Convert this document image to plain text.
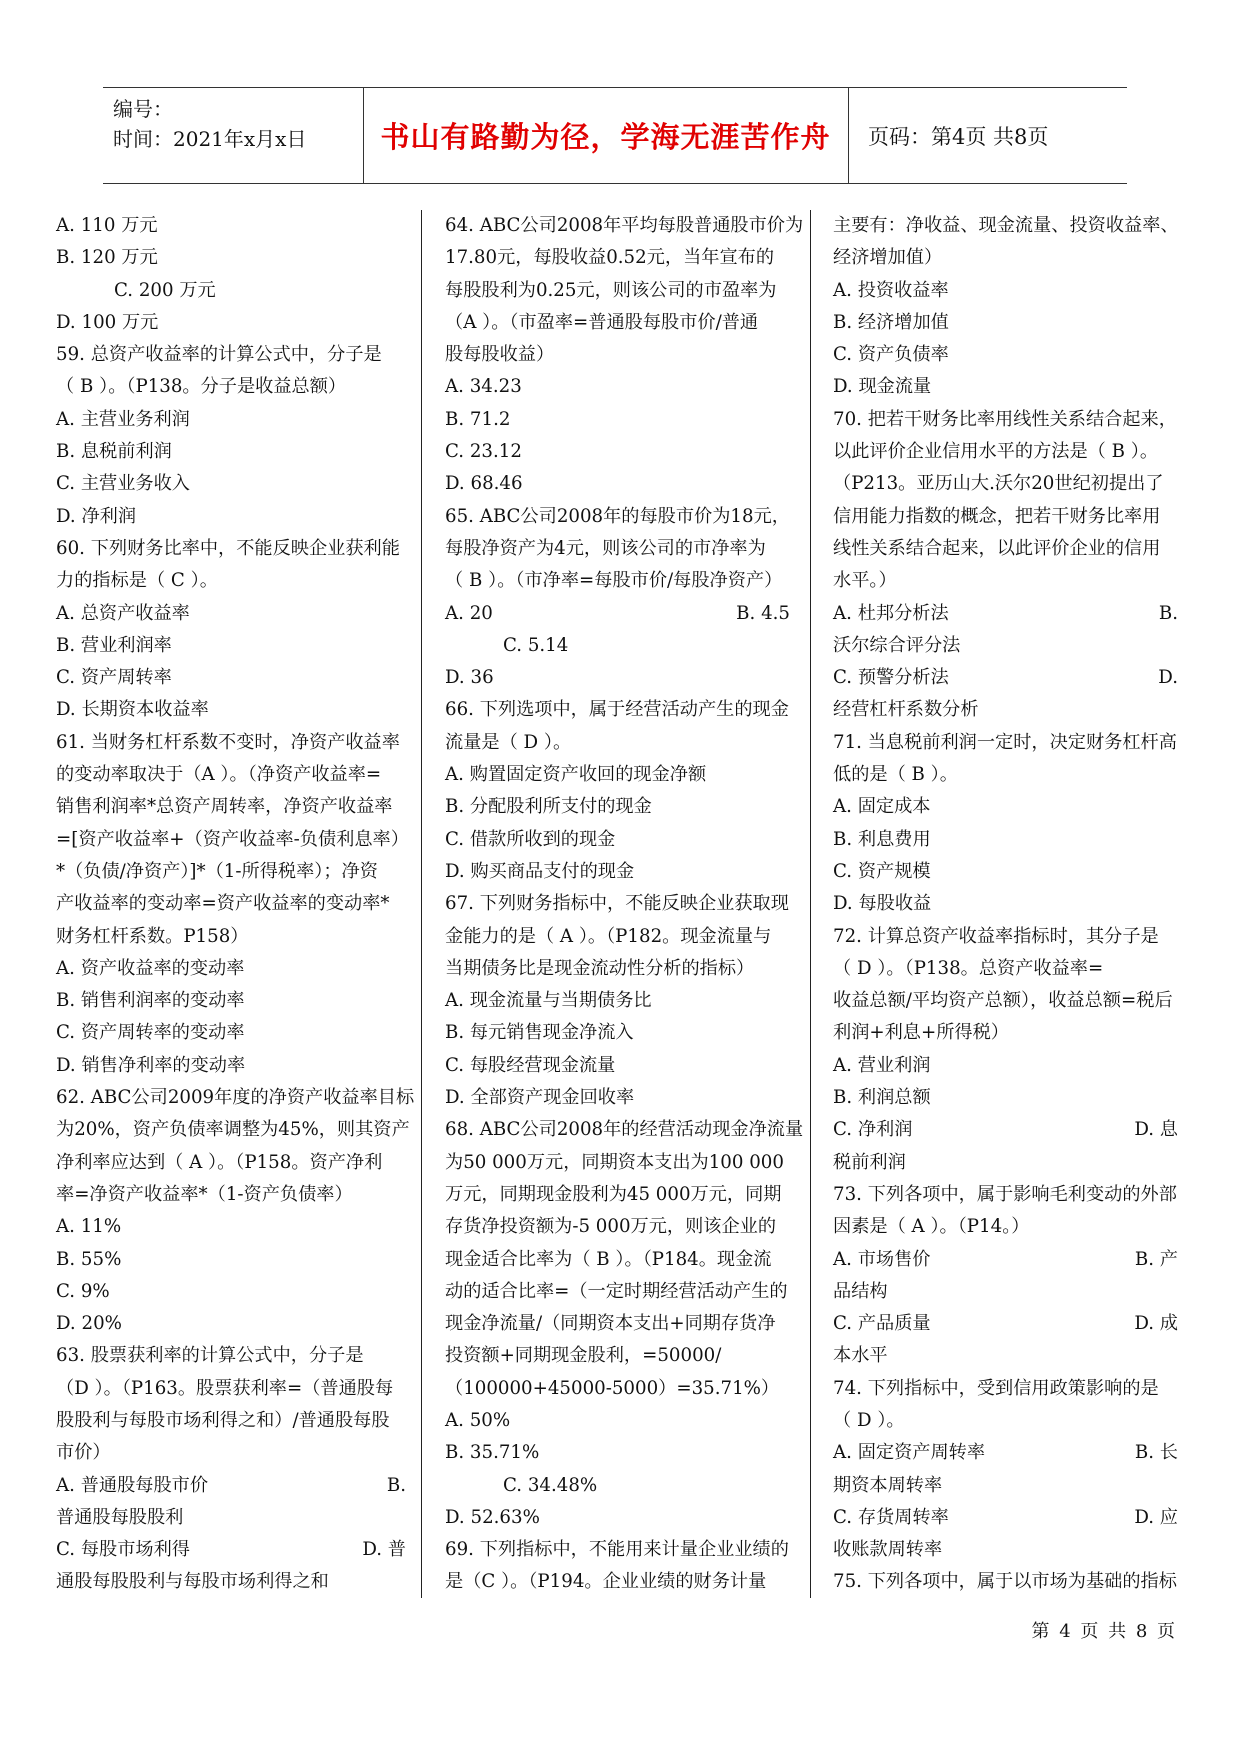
编号：
时间：2021年x月x日	书山有路勤为径，学海无涯苦作舟	页码：第4页 共8页

A. 110 万元

B. 120 万元

C. 200 万元

D. 100 万元

59. 总资产收益率的计算公式中，分子是

（ B ）。（P138。分子是收益总额）

A. 主营业务利润

B. 息税前利润

C. 主营业务收入

D. 净利润

60. 下列财务比率中，不能反映企业获利能

力的指标是（ C ）。

A. 总资产收益率

B. 营业利润率

C. 资产周转率

D. 长期资本收益率

61. 当财务杠杆系数不变时，净资产收益率

的变动率取决于（A ）。（净资产收益率=

销售利润率*总资产周转率，净资产收益率

=[资产收益率+（资产收益率-负债利息率）

*（负债/净资产）]*（1-所得税率）；净资

产收益率的变动率=资产收益率的变动率*

财务杠杆系数。P158）

A. 资产收益率的变动率

B. 销售利润率的变动率

C. 资产周转率的变动率

D. 销售净利率的变动率

62. ABC公司2009年度的净资产收益率目标

为20%，资产负债率调整为45%，则其资产

净利率应达到（ A ）。（P158。资产净利

率=净资产收益率*（1-资产负债率）

A. 11%

B. 55%

C. 9%

D. 20%

63. 股票获利率的计算公式中，分子是

（D ）。（P163。股票获利率=（普通股每

股股利与每股市场利得之和）/普通股每股

市价）

A. 普通股每股市价	B.

普通股每股股利

C. 每股市场利得	D. 普

通股每股股利与每股市场利得之和

64. ABC公司2008年平均每股普通股市价为

17.80元，每股收益0.52元，当年宣布的

每股股利为0.25元，则该公司的市盈率为

（A ）。（市盈率=普通股每股市价/普通

股每股收益）

A. 34.23

B. 71.2

C. 23.12

D. 68.46

65. ABC公司2008年的每股市价为18元，

每股净资产为4元，则该公司的市净率为

（ B ）。（市净率=每股市价/每股净资产）

A. 20	B. 4.5

C. 5.14

D. 36

66. 下列选项中，属于经营活动产生的现金

流量是（ D ）。

A. 购置固定资产收回的现金净额

B. 分配股利所支付的现金

C. 借款所收到的现金

D. 购买商品支付的现金

67. 下列财务指标中，不能反映企业获取现

金能力的是（ A ）。（P182。现金流量与

当期债务比是现金流动性分析的指标）

A. 现金流量与当期债务比

B. 每元销售现金净流入

C. 每股经营现金流量

D. 全部资产现金回收率

68. ABC公司2008年的经营活动现金净流量

为50 000万元，同期资本支出为100 000

万元，同期现金股利为45 000万元，同期

存货净投资额为-5 000万元，则该企业的

现金适合比率为（ B ）。（P184。现金流

动的适合比率=（一定时期经营活动产生的

现金净流量/（同期资本支出+同期存货净

投资额+同期现金股利，=50000/

（100000+45000-5000）=35.71%）

A. 50%

B. 35.71%

C. 34.48%

D. 52.63%

69. 下列指标中，不能用来计量企业业绩的

是（C ）。（P194。企业业绩的财务计量

主要有：净收益、现金流量、投资收益率、

经济增加值）

A. 投资收益率

B. 经济增加值

C. 资产负债率

D. 现金流量

70. 把若干财务比率用线性关系结合起来，

以此评价企业信用水平的方法是（ B ）。

（P213。亚历山大.沃尔20世纪初提出了

信用能力指数的概念，把若干财务比率用

线性关系结合起来，以此评价企业的信用

水平。）

A. 杜邦分析法	B.

沃尔综合评分法

C. 预警分析法	D.

经营杠杆系数分析

71. 当息税前利润一定时，决定财务杠杆高

低的是（ B ）。

A. 固定成本

B. 利息费用

C. 资产规模

D. 每股收益

72. 计算总资产收益率指标时，其分子是

（ D ）。（P138。总资产收益率=

收益总额/平均资产总额），收益总额=税后

利润+利息+所得税）

A. 营业利润

B. 利润总额

C. 净利润	D. 息

税前利润

73. 下列各项中，属于影响毛利变动的外部

因素是（ A ）。（P14。）

A. 市场售价	B. 产

品结构

C. 产品质量	D. 成

本水平

74. 下列指标中，受到信用政策影响的是

（ D ）。

A. 固定资产周转率	B. 长

期资本周转率

C. 存货周转率	D. 应

收账款周转率

75. 下列各项中，属于以市场为基础的指标

第 4 页 共 8 页
